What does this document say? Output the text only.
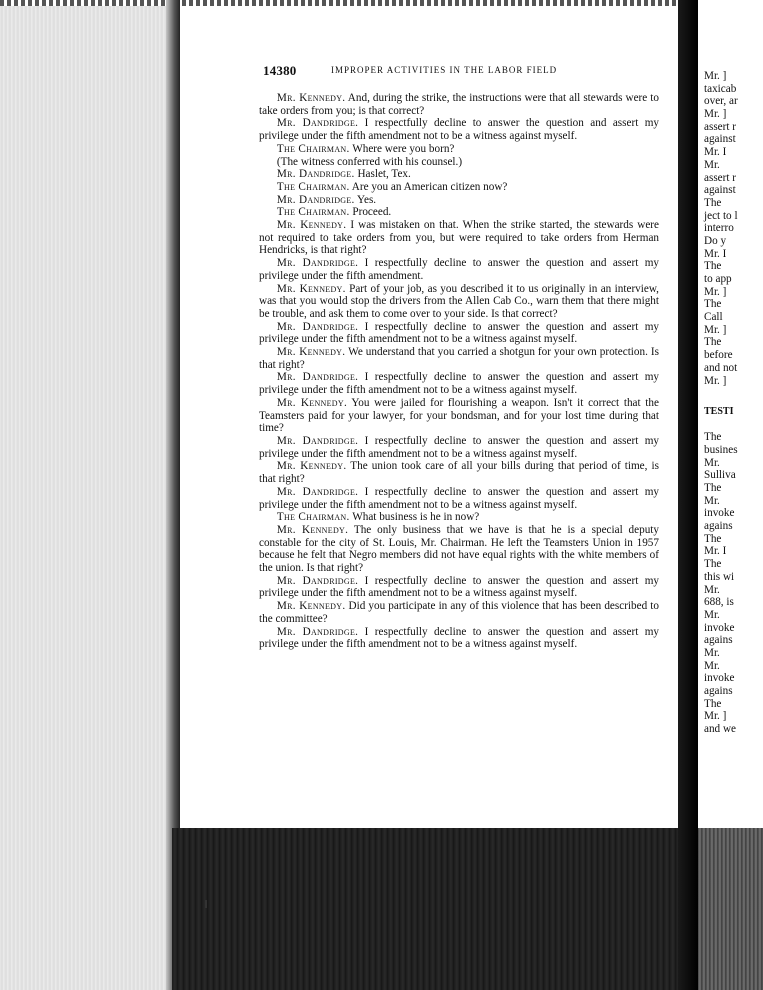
14380	IMPROPER ACTIVITIES IN THE LABOR FIELD

Mr. Kennedy. And, during the strike, the instructions were that all stewards were to take orders from you; is that correct?

Mr. Dandridge. I respectfully decline to answer the question and assert my privilege under the fifth amendment not to be a witness against myself.

The Chairman. Where were you born?

(The witness conferred with his counsel.)

Mr. Dandridge. Haslet, Tex.

The Chairman. Are you an American citizen now?

Mr. Dandridge. Yes.

The Chairman. Proceed.

Mr. Kennedy. I was mistaken on that. When the strike started, the stewards were not required to take orders from you, but were required to take orders from Herman Hendricks, is that right?

Mr. Dandridge. I respectfully decline to answer the question and assert my privilege under the fifth amendment.

Mr. Kennedy. Part of your job, as you described it to us originally in an interview, was that you would stop the drivers from the Allen Cab Co., warn them that there might be trouble, and ask them to come over to your side. Is that correct?

Mr. Dandridge. I respectfully decline to answer the question and assert my privilege under the fifth amendment not to be a witness against myself.

Mr. Kennedy. We understand that you carried a shotgun for your own protection. Is that right?

Mr. Dandridge. I respectfully decline to answer the question and assert my privilege under the fifth amendment not to be a witness against myself.

Mr. Kennedy. You were jailed for flourishing a weapon. Isn't it correct that the Teamsters paid for your lawyer, for your bondsman, and for your lost time during that time?

Mr. Dandridge. I respectfully decline to answer the question and assert my privilege under the fifth amendment not to be a witness against myself.

Mr. Kennedy. The union took care of all your bills during that period of time, is that right?

Mr. Dandridge. I respectfully decline to answer the question and assert my privilege under the fifth amendment not to be a witness against myself.

The Chairman. What business is he in now?

Mr. Kennedy. The only business that we have is that he is a special deputy constable for the city of St. Louis, Mr. Chairman. He left the Teamsters Union in 1957 because he felt that Negro members did not have equal rights with the white members of the union. Is that right?

Mr. Dandridge. I respectfully decline to answer the question and assert my privilege under the fifth amendment not to be a witness against myself.

Mr. Kennedy. Did you participate in any of this violence that has been described to the committee?

Mr. Dandridge. I respectfully decline to answer the question and assert my privilege under the fifth amendment not to be a witness against myself.

Mr. ]
taxicab
over, ar
Mr. ]
assert r
against
Mr. I
Mr.
assert r
against
The
ject to l
interro
Do y
Mr. I
The
to app
Mr. ]
The
Call
Mr. ]
The
before
and not
Mr. ]
TESTI
The
busines
Mr.
Sulliva
The
Mr.
invoke
agains
The
Mr. I
The
this wi
Mr.
688, is
Mr.
invoke
agains
Mr.
Mr.
invoke
agains
The
Mr. ]
and we
